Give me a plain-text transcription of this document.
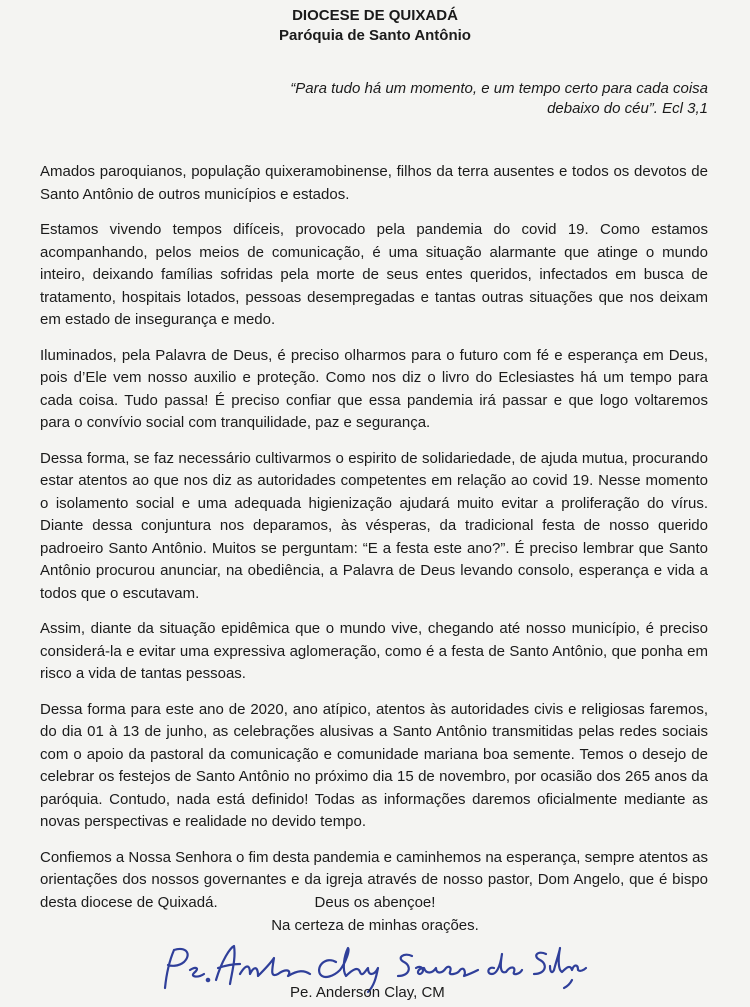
DIOCESE DE QUIXADÁ
Paróquia de Santo Antônio
“Para tudo há um momento, e um tempo certo para cada coisa
debaixo do céu”. Ecl 3,1

Amados paroquianos, população quixeramobinense, filhos da terra ausentes e todos os devotos de Santo Antônio de outros municípios e estados.

Estamos vivendo tempos difíceis, provocado pela pandemia do covid 19. Como estamos acompanhando, pelos meios de comunicação, é uma situação alarmante que atinge o mundo inteiro, deixando famílias sofridas pela morte de seus entes queridos, infectados em busca de tratamento, hospitais lotados, pessoas desempregadas e tantas outras situações que nos deixam em estado de insegurança e medo.

Iluminados, pela Palavra de Deus, é preciso olharmos para o futuro com fé e esperança em Deus, pois d’Ele vem nosso auxilio e proteção. Como nos diz o livro do Eclesiastes há um tempo para cada coisa. Tudo passa! É preciso confiar que essa pandemia irá passar e que logo voltaremos para o convívio social com tranquilidade, paz e segurança.

Dessa forma, se faz necessário cultivarmos o espirito de solidariedade, de ajuda mutua, procurando estar atentos ao que nos diz as autoridades competentes em relação ao covid 19. Nesse momento o isolamento social e uma adequada higienização ajudará muito evitar a proliferação do vírus. Diante dessa conjuntura nos deparamos, às vésperas, da tradicional festa de nosso querido padroeiro Santo Antônio. Muitos se perguntam: “E a festa este ano?”. É preciso lembrar que Santo Antônio procurou anunciar, na obediência, a Palavra de Deus levando consolo, esperança e vida a todos que o escutavam.

Assim, diante da situação epidêmica que o mundo vive, chegando até nosso município, é preciso considerá-la e evitar uma expressiva aglomeração, como é a festa de Santo Antônio, que ponha em risco a vida de tantas pessoas.

Dessa forma para este ano de 2020, ano atípico, atentos às autoridades civis e religiosas faremos, do dia 01 à 13 de junho, as celebrações alusivas a Santo Antônio transmitidas pelas redes sociais com o apoio da pastoral da comunicação e comunidade mariana boa semente. Temos o desejo de celebrar os festejos de Santo Antônio no próximo dia 15 de novembro, por ocasião dos 265 anos da paróquia. Contudo, nada está definido! Todas as informações daremos oficialmente mediante as novas perspectivas e realidade no devido tempo.

Confiemos a Nossa Senhora o fim desta pandemia e caminhemos na esperança, sempre atentos as orientações dos nossos governantes e da igreja através de nosso pastor, Dom Angelo, que é bispo desta diocese de Quixadá.	Deus os abençoe!
Na certeza de minhas orações.
Pe. Anderson Clay, CM
